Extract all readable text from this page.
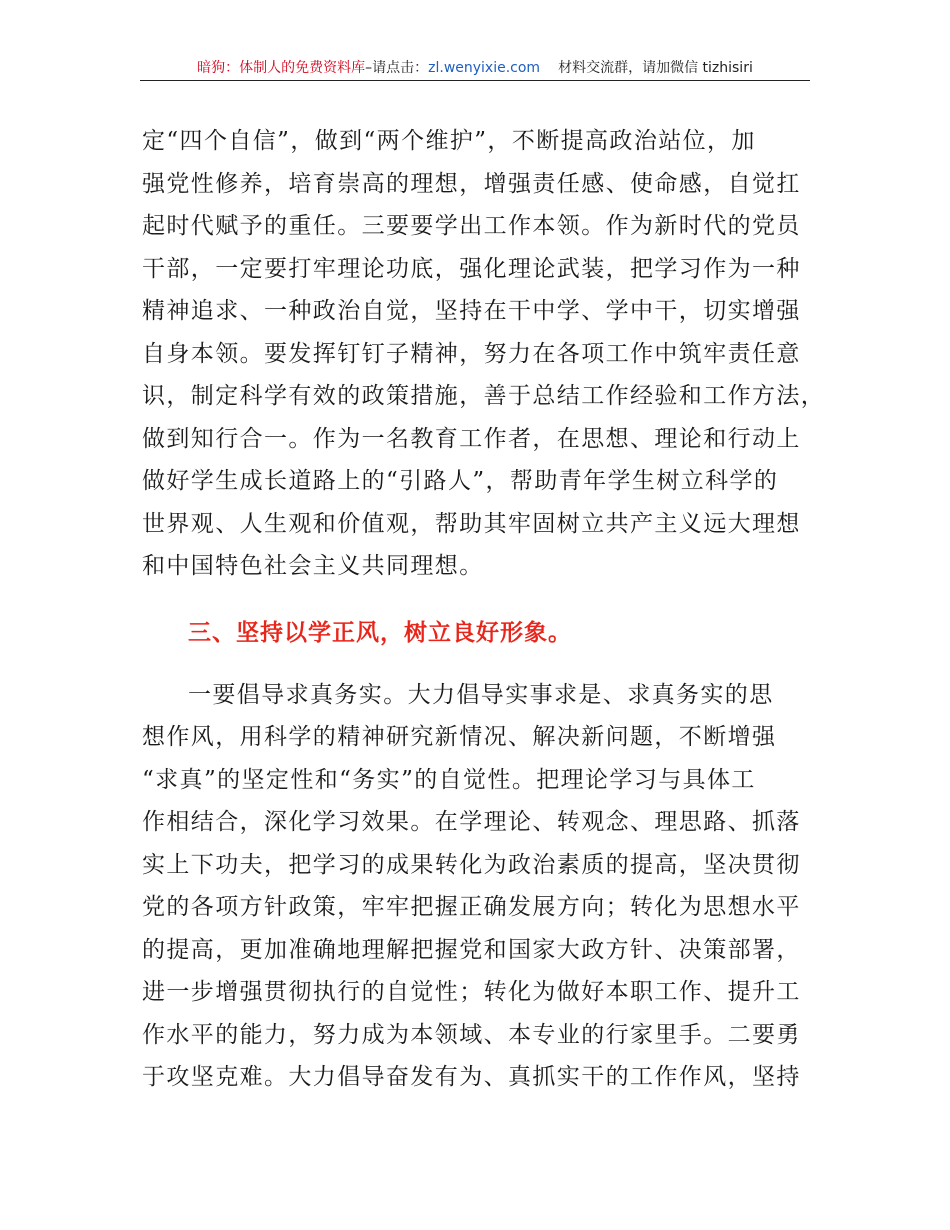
暗狗：体制人的免费资料库–请点击：zl.wenyixie.com 材料交流群，请加微信 tizhisiri

定“四个自信”，做到“两个维护”，不断提高政治站位，加
强党性修养，培育崇高的理想，增强责任感、使命感，自觉扛
起时代赋予的重任。三要要学出工作本领。作为新时代的党员
干部，一定要打牢理论功底，强化理论武装，把学习作为一种
精神追求、一种政治自觉，坚持在干中学、学中干，切实增强
自身本领。要发挥钉钉子精神，努力在各项工作中筑牢责任意
识，制定科学有效的政策措施，善于总结工作经验和工作方法，
做到知行合一。作为一名教育工作者，在思想、理论和行动上
做好学生成长道路上的“引路人”，帮助青年学生树立科学的
世界观、人生观和价值观，帮助其牢固树立共产主义远大理想
和中国特色社会主义共同理想。

三、坚持以学正风，树立良好形象。

一要倡导求真务实。大力倡导实事求是、求真务实的思
想作风，用科学的精神研究新情况、解决新问题，不断增强
“求真”的坚定性和“务实”的自觉性。把理论学习与具体工
作相结合，深化学习效果。在学理论、转观念、理思路、抓落
实上下功夫，把学习的成果转化为政治素质的提高，坚决贯彻
党的各项方针政策，牢牢把握正确发展方向；转化为思想水平
的提高，更加准确地理解把握党和国家大政方针、决策部署，
进一步增强贯彻执行的自觉性；转化为做好本职工作、提升工
作水平的能力，努力成为本领域、本专业的行家里手。二要勇
于攻坚克难。大力倡导奋发有为、真抓实干的工作作风，坚持
